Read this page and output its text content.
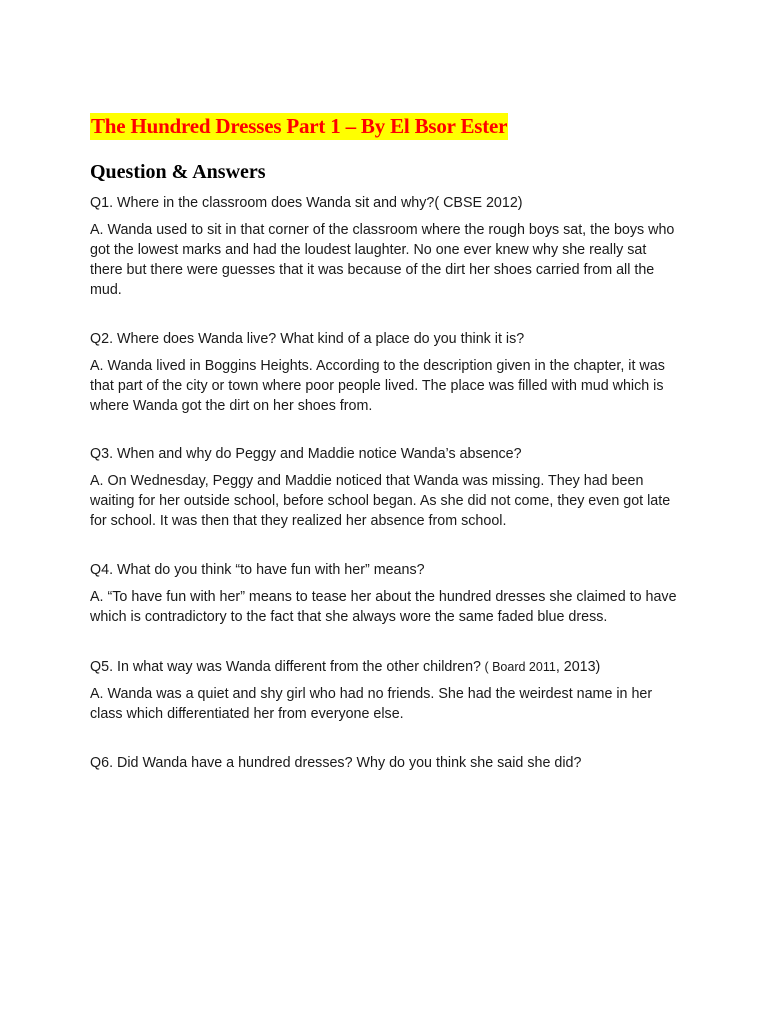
The Hundred Dresses Part 1 – By El Bsor Ester
Question & Answers

Q1. Where in the classroom does Wanda sit and why?( CBSE 2012)

A. Wanda used to sit in that corner of the classroom where the rough boys sat, the boys who got the lowest marks and had the loudest laughter. No one ever knew why she really sat there but there were guesses that it was because of the dirt her shoes carried from all the mud.

Q2. Where does Wanda live? What kind of a place do you think it is?

A. Wanda lived in Boggins Heights. According to the description given in the chapter, it was that part of the city or town where poor people lived. The place was filled with mud which is where Wanda got the dirt on her shoes from.

Q3. When and why do Peggy and Maddie notice Wanda’s absence?

A. On Wednesday, Peggy and Maddie noticed that Wanda was missing. They had been waiting for her outside school, before school began. As she did not come, they even got late for school. It was then that they realized her absence from school.

Q4. What do you think “to have fun with her” means?

A. “To have fun with her” means to tease her about the hundred dresses she claimed to have which is contradictory to the fact that she always wore the same faded blue dress.

Q5. In what way was Wanda different from the other children? ( Board 2011, 2013)

A. Wanda was a quiet and shy girl who had no friends. She had the weirdest name in her class which differentiated her from everyone else.

Q6. Did Wanda have a hundred dresses? Why do you think she said she did?
